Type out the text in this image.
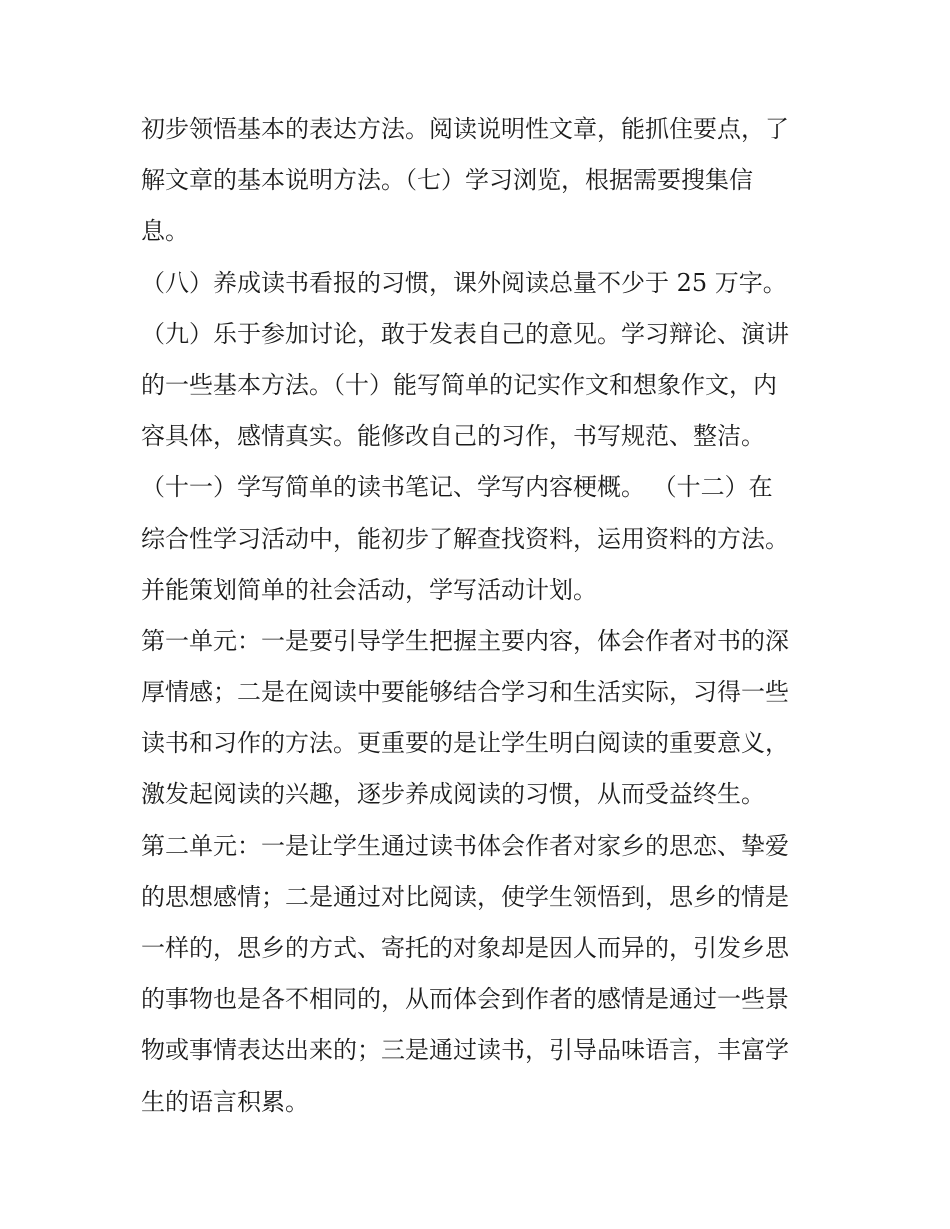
初步领悟基本的表达方法。阅读说明性文章，能抓住要点，了
解文章的基本说明方法。（七）学习浏览，根据需要搜集信
息。
（八）养成读书看报的习惯，课外阅读总量不少于 25 万字。
（九）乐于参加讨论，敢于发表自己的意见。学习辩论、演讲
的一些基本方法。（十）能写简单的记实作文和想象作文，内
容具体，感情真实。能修改自己的习作，书写规范、整洁。
（十一）学写简单的读书笔记、学写内容梗概。 （十二）在
综合性学习活动中，能初步了解查找资料，运用资料的方法。
并能策划简单的社会活动，学写活动计划。
第一单元：一是要引导学生把握主要内容，体会作者对书的深
厚情感；二是在阅读中要能够结合学习和生活实际，习得一些
读书和习作的方法。更重要的是让学生明白阅读的重要意义，
激发起阅读的兴趣，逐步养成阅读的习惯，从而受益终生。
第二单元：一是让学生通过读书体会作者对家乡的思恋、挚爱
的思想感情；二是通过对比阅读，使学生领悟到，思乡的情是
一样的，思乡的方式、寄托的对象却是因人而异的，引发乡思
的事物也是各不相同的，从而体会到作者的感情是通过一些景
物或事情表达出来的；三是通过读书，引导品味语言，丰富学
生的语言积累。
